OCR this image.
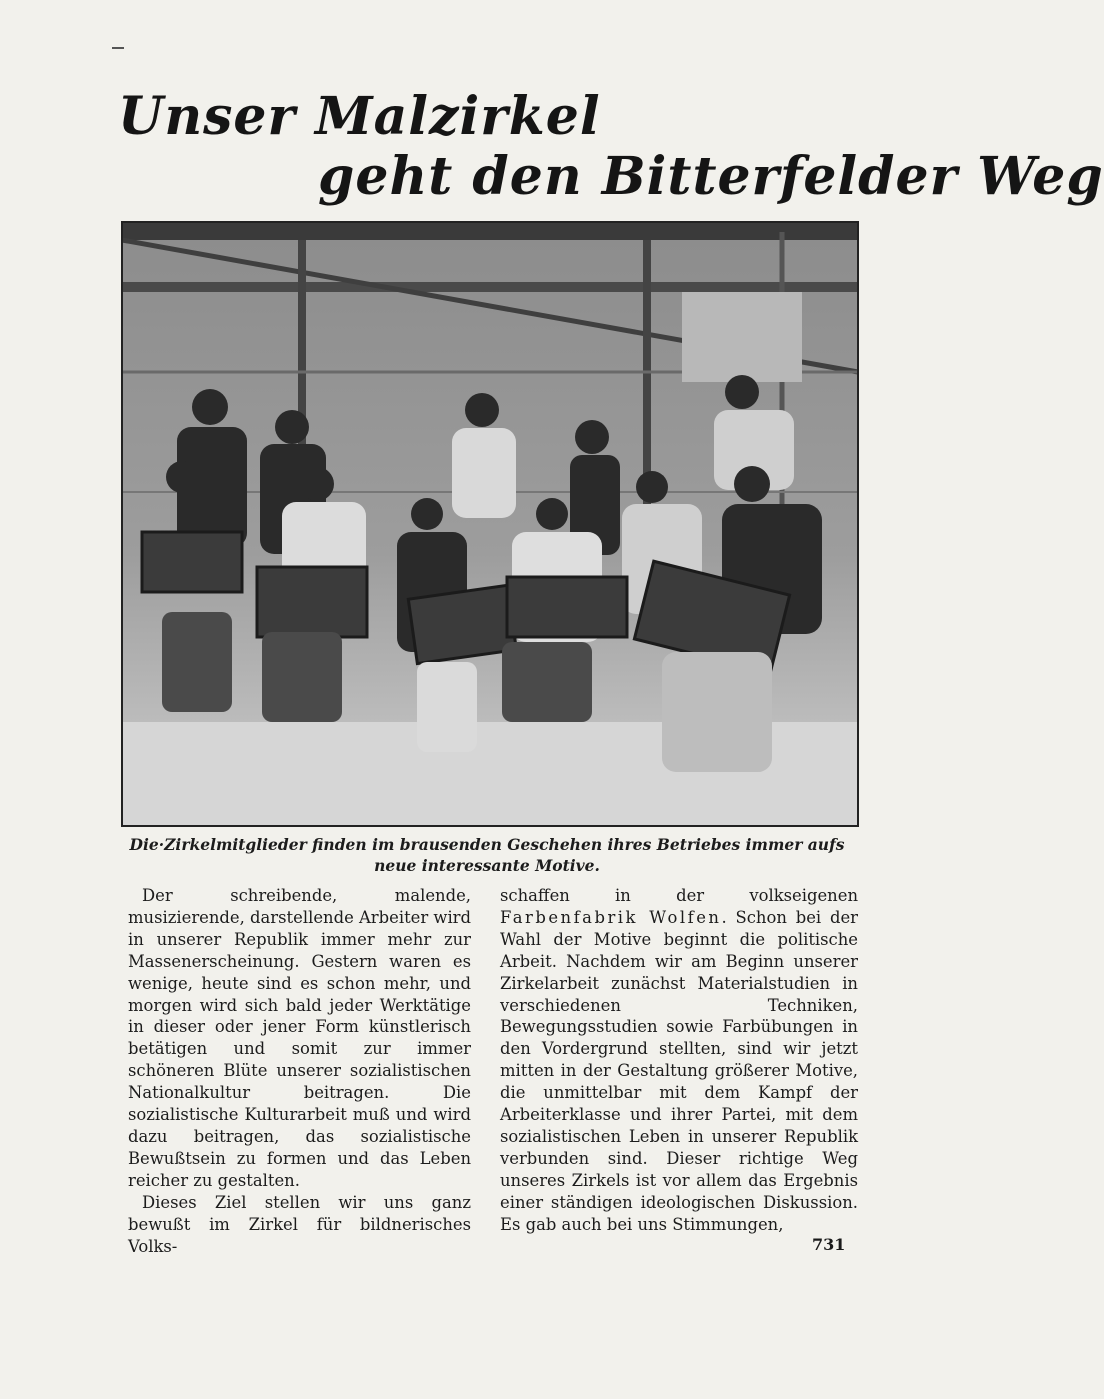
Unser Malzirkel
geht den Bitterfelder Weg
Die·Zirkelmitglieder finden im brausenden Geschehen ihres Betriebes immer aufs neue interessante Motive.

Der schreibende, malende, musizierende, darstellende Arbeiter wird in unserer Republik immer mehr zur Massenerscheinung. Gestern waren es wenige, heute sind es schon mehr, und morgen wird sich bald jeder Werktätige in dieser oder jener Form künstlerisch betätigen und somit zur immer schöneren Blüte unserer sozialistischen Nationalkultur beitragen. Die sozialistische Kulturarbeit muß und wird dazu beitragen, das sozialistische Bewußtsein zu formen und das Leben reicher zu gestalten.

Dieses Ziel stellen wir uns ganz bewußt im Zirkel für bildnerisches Volks-

schaffen in der volkseigenen Farbenfabrik Wolfen. Schon bei der Wahl der Motive beginnt die politische Arbeit. Nachdem wir am Beginn unserer Zirkelarbeit zunächst Materialstudien in verschiedenen Techniken, Bewegungsstudien sowie Farbübungen in den Vordergrund stellten, sind wir jetzt mitten in der Gestaltung größerer Motive, die unmittelbar mit dem Kampf der Arbeiterklasse und ihrer Partei, mit dem sozialistischen Leben in unserer Republik verbunden sind. Dieser richtige Weg unseres Zirkels ist vor allem das Ergebnis einer ständigen ideologischen Diskussion. Es gab auch bei uns Stimmungen,

731
